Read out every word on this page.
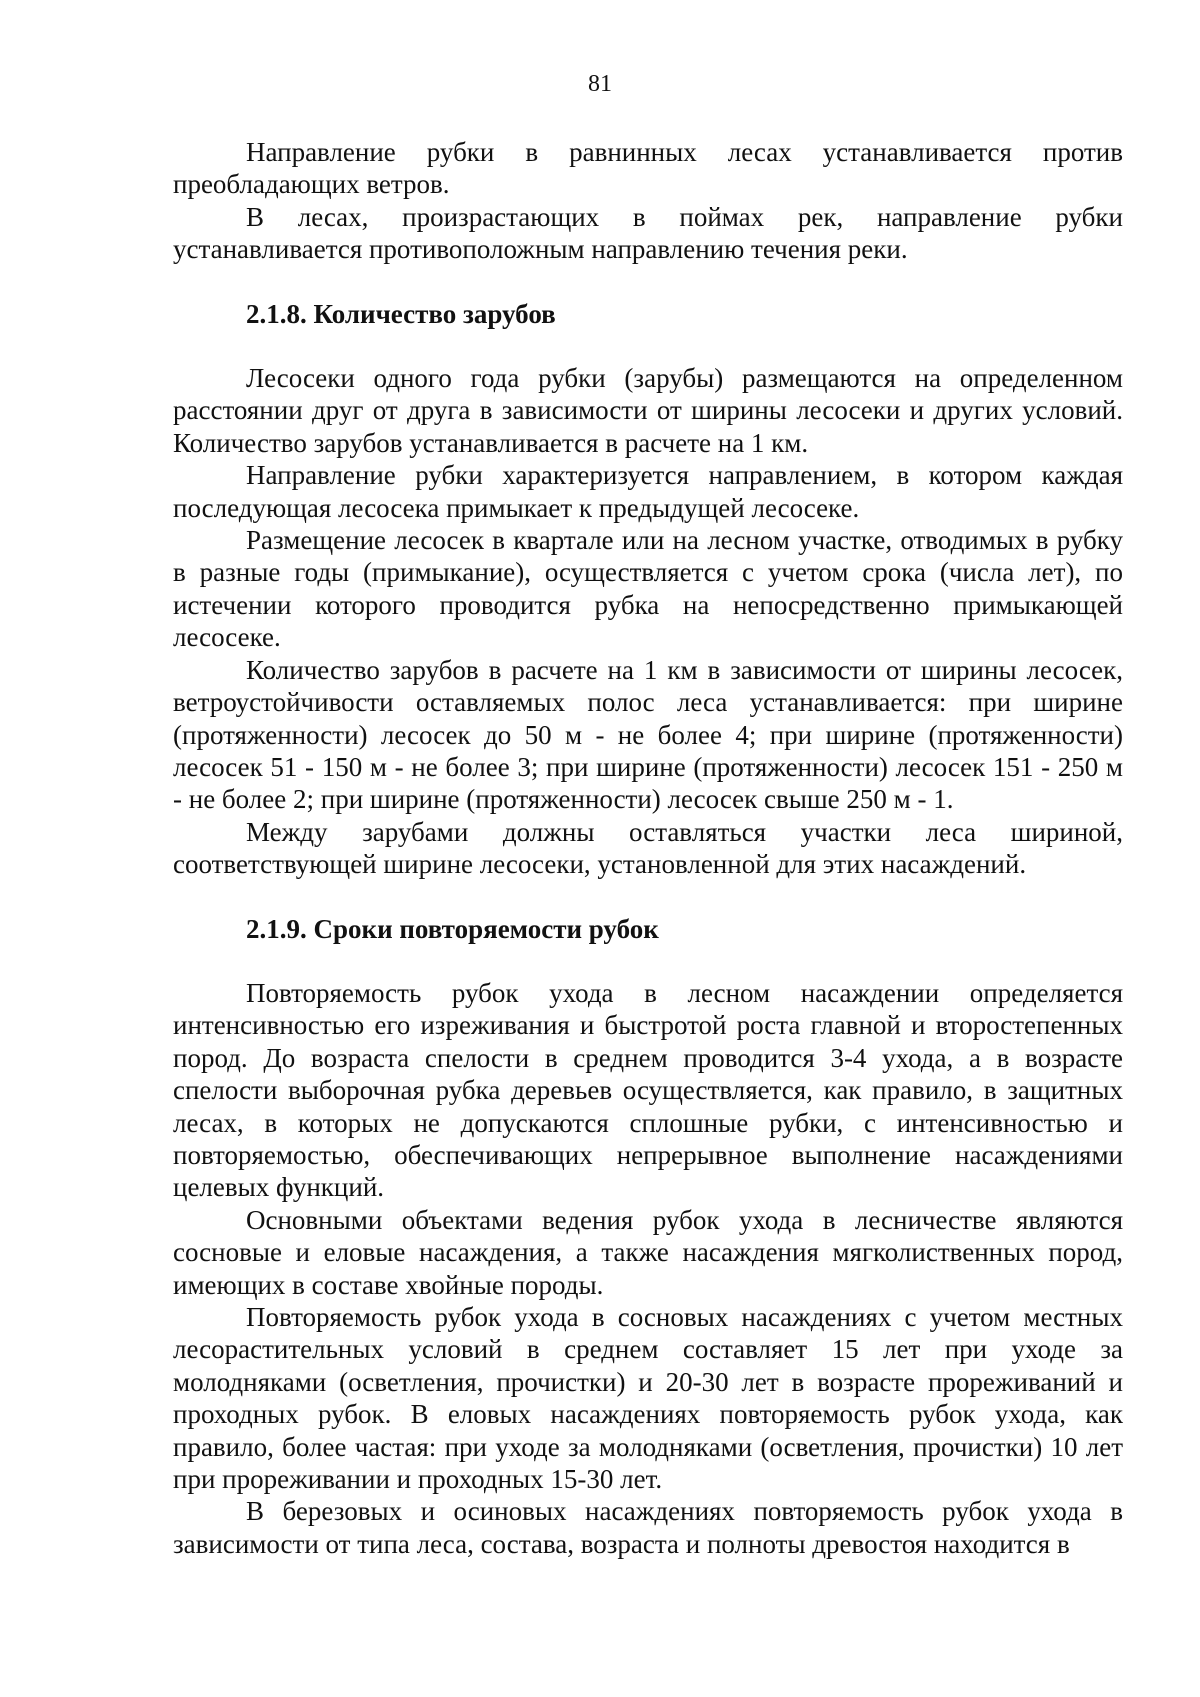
81

Направление рубки в равнинных лесах устанавливается против преобладающих ветров.

В лесах, произрастающих в поймах рек, направление рубки устанавливается противоположным направлению течения реки.

2.1.8. Количество зарубов

Лесосеки одного года рубки (зарубы) размещаются на определенном расстоянии друг от друга в зависимости от ширины лесосеки и других условий. Количество зарубов устанавливается в расчете на 1 км.

Направление рубки характеризуется направлением, в котором каждая последующая лесосека примыкает к предыдущей лесосеке.

Размещение лесосек в квартале или на лесном участке, отводимых в рубку в разные годы (примыкание), осуществляется с учетом срока (числа лет), по истечении которого проводится рубка на непосредственно примыкающей лесосеке.

Количество зарубов в расчете на 1 км в зависимости от ширины лесосек, ветроустойчивости оставляемых полос леса устанавливается: при ширине (протяженности) лесосек до 50 м - не более 4; при ширине (протяженности) лесосек 51 - 150 м - не более 3; при ширине (протяженности) лесосек 151 - 250 м - не более 2; при ширине (протяженности) лесосек свыше 250 м - 1.

Между зарубами должны оставляться участки леса шириной, соответствующей ширине лесосеки, установленной для этих насаждений.

2.1.9. Сроки повторяемости рубок

Повторяемость рубок ухода в лесном насаждении определяется интенсивностью его изреживания и быстротой роста главной и второстепенных пород. До возраста спелости в среднем проводится 3-4 ухода, а в возрасте спелости выборочная рубка деревьев осуществляется, как правило, в защитных лесах, в которых не допускаются сплошные рубки, с интенсивностью и повторяемостью, обеспечивающих непрерывное выполнение насаждениями целевых функций.

Основными объектами ведения рубок ухода в лесничестве являются сосновые и еловые насаждения, а также насаждения мягколиственных пород, имеющих в составе хвойные породы.

Повторяемость рубок ухода в сосновых насаждениях с учетом местных лесорастительных условий в среднем составляет 15 лет при уходе за молодняками (осветления, прочистки) и 20-30 лет в возрасте прореживаний и проходных рубок. В еловых насаждениях повторяемость рубок ухода, как правило, более частая: при уходе за молодняками (осветления, прочистки) 10 лет при прореживании и проходных 15-30 лет.

В березовых и осиновых насаждениях повторяемость рубок ухода в зависимости от типа леса, состава, возраста и полноты древостоя находится в
